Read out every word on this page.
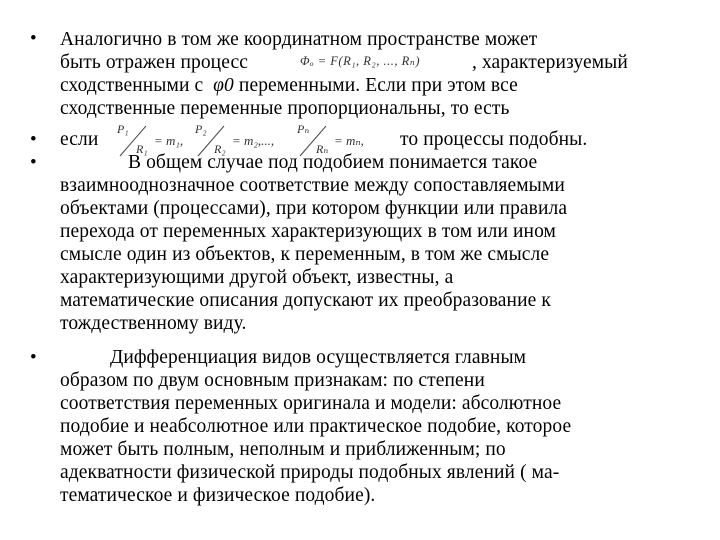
•
•
•
•
Аналогично в том же координатном пространстве может
быть отражен процесс	Φₒ = F(R₁, R₂, ..., Rₙ)	, характеризуемый
сходственными с φ0 переменными. Если при этом все
сходственные переменные пропорциональны, то есть
если P₁
R₁
= m₁,
P₂
R₂
= m₂,...,
Pₙ
Rₙ
= mₙ, то процессы подобны.
В общем случае под подобием понимается такое
взаимнооднозначное соответствие между сопоставляемыми
объектами (процессами), при котором функции или правила
перехода от переменных характеризующих в том или ином
смысле один из объектов, к переменным, в том же смысле
характеризующими другой объект, известны, а
математические описания допускают их преобразование к
тождественному виду.
Дифференциация видов осуществляется главным
образом по двум основным признакам: по степени
соответствия переменных оригинала и модели: абсолютное
подобие и неабсолютное или практическое подобие, которое
может быть полным, неполным и приближенным; по
адекватности физической природы подобных явлений ( ма-
тематическое и физическое подобие).
